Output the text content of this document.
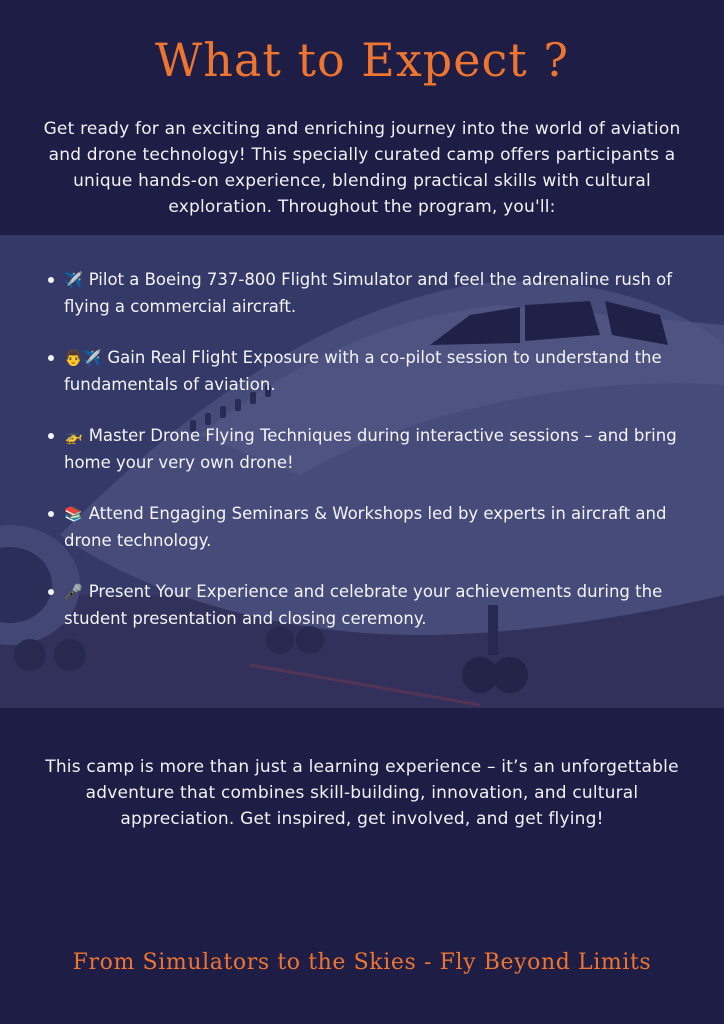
What to Expect ?
Get ready for an exciting and enriching journey into the world of aviation and drone technology! This specially curated camp offers participants a unique hands-on experience, blending practical skills with cultural exploration. Throughout the program, you'll:
✈️ Pilot a Boeing 737-800 Flight Simulator and feel the adrenaline rush of flying a commercial aircraft.
👨✈️ Gain Real Flight Exposure with a co-pilot session to understand the fundamentals of aviation.
🚁 Master Drone Flying Techniques during interactive sessions – and bring home your very own drone!
📚 Attend Engaging Seminars & Workshops led by experts in aircraft and drone technology.
🎤 Present Your Experience and celebrate your achievements during the student presentation and closing ceremony.
This camp is more than just a learning experience – it’s an unforgettable adventure that combines skill-building, innovation, and cultural appreciation. Get inspired, get involved, and get flying!
From Simulators to the Skies - Fly Beyond Limits
